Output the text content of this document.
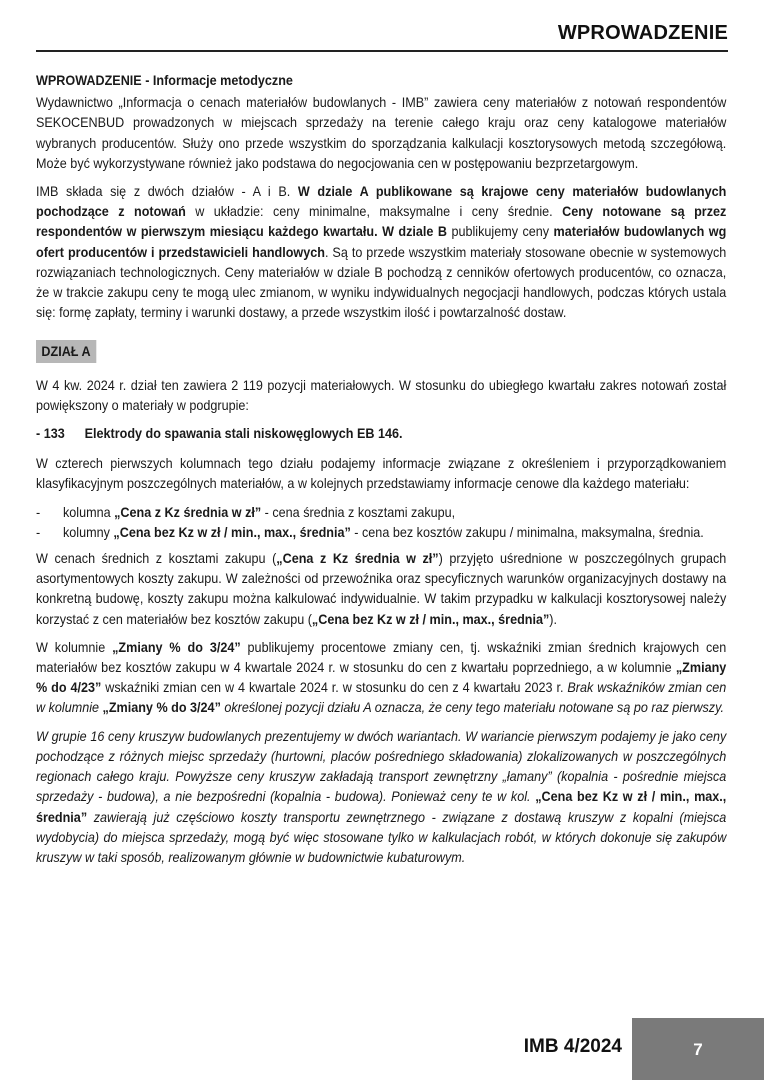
WPROWADZENIE
WPROWADZENIE - Informacje metodyczne

Wydawnictwo „Informacja o cenach materiałów budowlanych - IMB” zawiera ceny materiałów z notowań respondentów SEKOCENBUD prowadzonych w miejscach sprzedaży na terenie całego kraju oraz ceny katalogowe materiałów wybranych producentów. Służy ono przede wszystkim do sporządzania kalkulacji kosztorysowych metodą szczegółową. Może być wykorzystywane również jako podstawa do negocjowania cen w postępowaniu bezprzetargowym.

IMB składa się z dwóch działów - A i B. W dziale A publikowane są krajowe ceny materiałów budowlanych pochodzące z notowań w układzie: ceny minimalne, maksymalne i ceny średnie. Ceny notowane są przez respondentów w pierwszym miesiącu każdego kwartału. W dziale B publikujemy ceny materiałów budowlanych wg ofert producentów i przedstawicieli handlowych. Są to przede wszystkim materiały stosowane obecnie w systemowych rozwiązaniach technologicznych. Ceny materiałów w dziale B pochodzą z cenników ofertowych producentów, co oznacza, że w trakcie zakupu ceny te mogą ulec zmianom, w wyniku indywidualnych negocjacji handlowych, podczas których ustala się: formę zapłaty, terminy i warunki dostawy, a przede wszystkim ilość i powtarzalność dostaw.

DZIAŁ A

W 4 kw. 2024 r. dział ten zawiera 2 119 pozycji materiałowych. W stosunku do ubiegłego kwartału zakres notowań został powiększony o materiały w podgrupie:

- 133 Elektrody do spawania stali niskowęglowych EB 146.

W czterech pierwszych kolumnach tego działu podajemy informacje związane z określeniem i przyporządkowaniem klasyfikacyjnym poszczególnych materiałów, a w kolejnych przedstawiamy informacje cenowe dla każdego materiału:

- kolumna „Cena z Kz średnia w zł” - cena średnia z kosztami zakupu,
- kolumny „Cena bez Kz w zł / min., max., średnia” - cena bez kosztów zakupu / minimalna, maksymalna, średnia.

W cenach średnich z kosztami zakupu („Cena z Kz średnia w zł”) przyjęto uśrednione w poszczególnych grupach asortymentowych koszty zakupu. W zależności od przewoźnika oraz specyficznych warunków organizacyjnych dostawy na konkretną budowę, koszty zakupu można kalkulować indywidualnie. W takim przypadku w kalkulacji kosztorysowej należy korzystać z cen materiałów bez kosztów zakupu („Cena bez Kz w zł / min., max., średnia”).

W kolumnie „Zmiany % do 3/24” publikujemy procentowe zmiany cen, tj. wskaźniki zmian średnich krajowych cen materiałów bez kosztów zakupu w 4 kwartale 2024 r. w stosunku do cen z kwartału poprzedniego, a w kolumnie „Zmiany % do 4/23” wskaźniki zmian cen w 4 kwartale 2024 r. w stosunku do cen z 4 kwartału 2023 r. Brak wskaźników zmian cen w kolumnie „Zmiany % do 3/24” określonej pozycji działu A oznacza, że ceny tego materiału notowane są po raz pierwszy.

W grupie 16 ceny kruszyw budowlanych prezentujemy w dwóch wariantach. W wariancie pierwszym podajemy je jako ceny pochodzące z różnych miejsc sprzedaży (hurtowni, placów pośredniego składowania) zlokalizowanych w poszczególnych regionach całego kraju. Powyższe ceny kruszyw zakładają transport zewnętrzny „łamany” (kopalnia - pośrednie miejsca sprzedaży - budowa), a nie bezpośredni (kopalnia - budowa). Ponieważ ceny te w kol. „Cena bez Kz w zł / min., max., średnia” zawierają już częściowo koszty transportu zewnętrznego - związane z dostawą kruszyw z kopalni (miejsca wydobycia) do miejsca sprzedaży, mogą być więc stosowane tylko w kalkulacjach robót, w których dokonuje się zakupów kruszyw w taki sposób, realizowanym głównie w budownictwie kubaturowym.

IMB 4/2024	7
